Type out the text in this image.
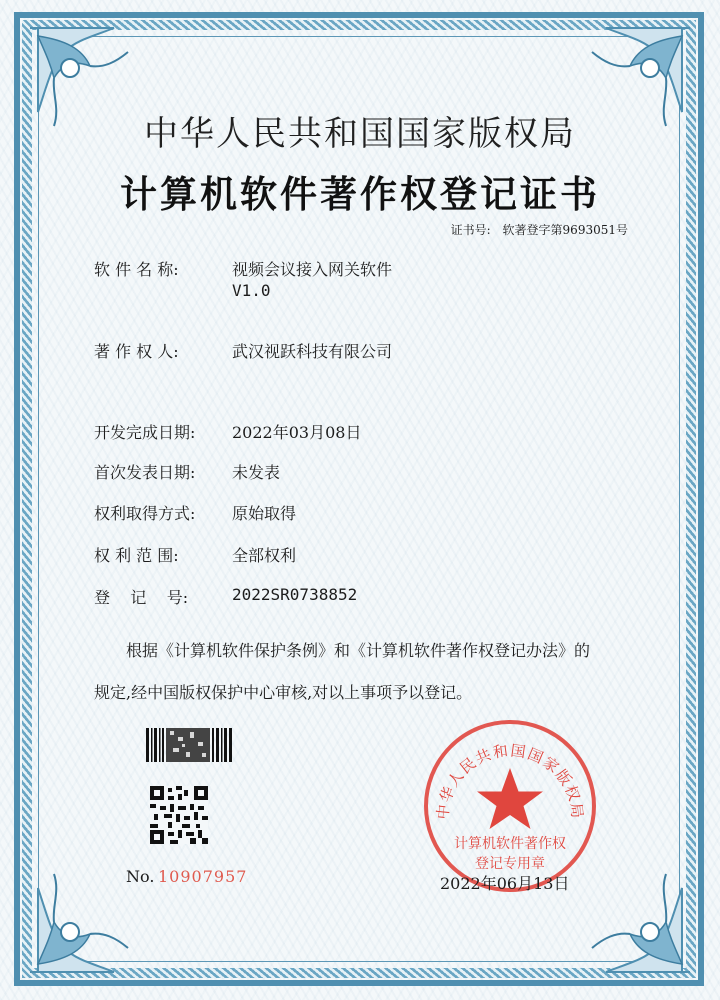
中华人民共和国国家版权局
计算机软件著作权登记证书
证书号: 软著登字第9693051号
软 件 名 称:	视频会议接入网关软件
V1.0
著 作 权 人:	武汉视跃科技有限公司
开发完成日期:	2022年03月08日
首次发表日期:	未发表
权利取得方式:	原始取得
权 利 范 围:	全部权利
登    记    号:	2022SR0738852
根据《计算机软件保护条例》和《计算机软件著作权登记办法》的
规定,经中国版权保护中心审核,对以上事项予以登记。
No. 10907957
中华人民共和国国家版权局
计算机软件著作权
登记专用章
2022年06月13日
